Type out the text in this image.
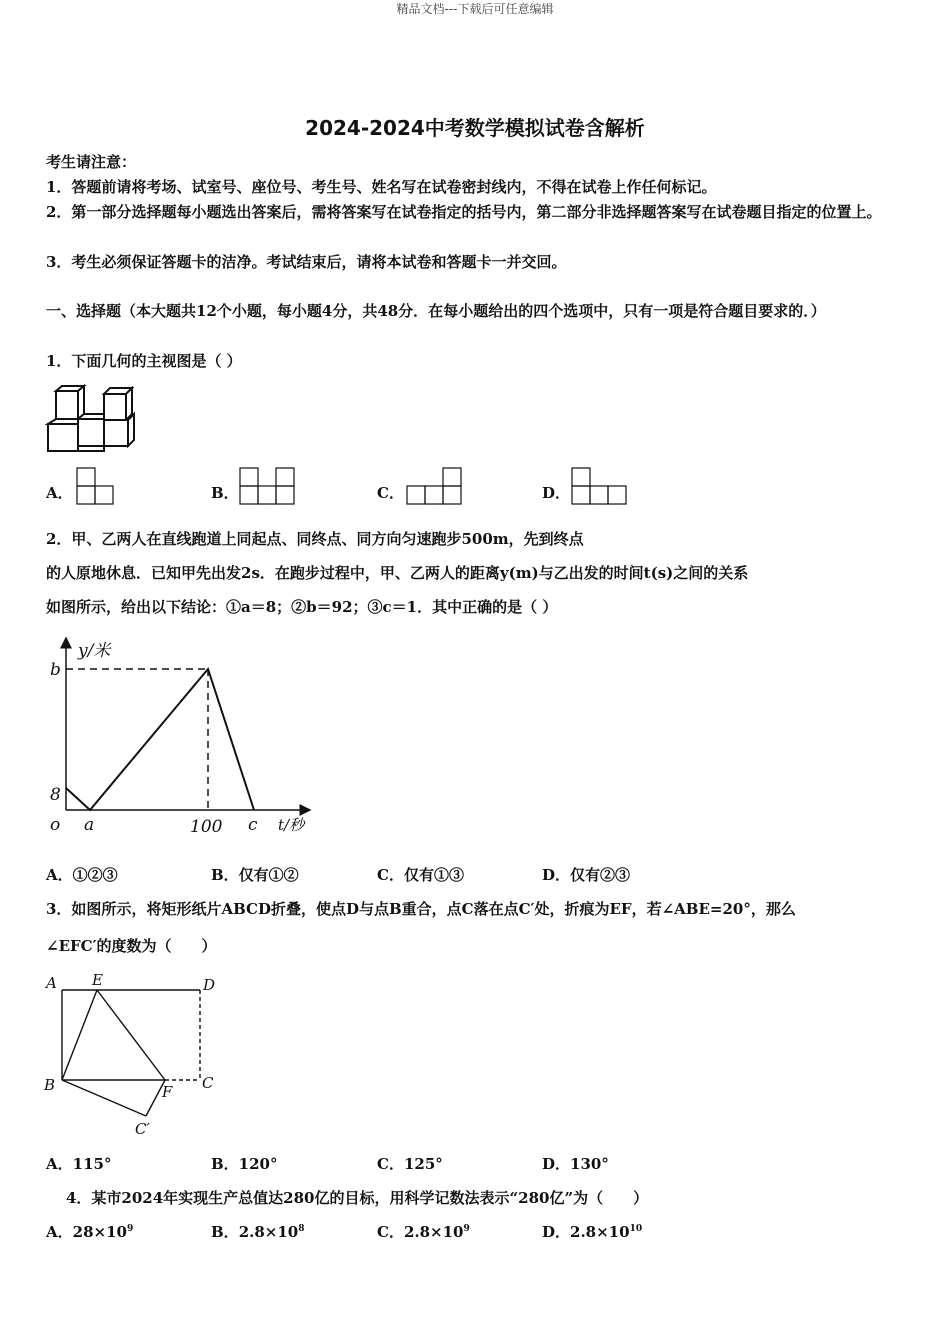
精品文档---下载后可任意编辑
2024-2024中考数学模拟试卷含解析
考生请注意：
1．答题前请将考场、试室号、座位号、考生号、姓名写在试卷密封线内，不得在试卷上作任何标记。
2．第一部分选择题每小题选出答案后，需将答案写在试卷指定的括号内，第二部分非选择题答案写在试卷题目指定的位置上。
3．考生必须保证答题卡的洁净。考试结束后，请将本试卷和答题卡一并交回。
一、选择题（本大题共12个小题，每小题4分，共48分．在每小题给出的四个选项中，只有一项是符合题目要求的．）
1．下面几何的主视图是（ ）
A．	B．	C．	D．
2．甲、乙两人在直线跑道上同起点、同终点、同方向匀速跑步500m，先到终点
的人原地休息．已知甲先出发2s．在跑步过程中，甲、乙两人的距离y(m)与乙出发的时间t(s)之间的关系
如图所示，给出以下结论：①a＝8；②b＝92；③c＝1．其中正确的是（ ）
y/米
b
8
o a	100 c t/秒
A．①②③	B．仅有①②	C．仅有①③	D．仅有②③
3．如图所示，将矩形纸片ABCD折叠，使点D与点B重合，点C落在点C′处，折痕为EF，若∠ABE=20°，那么
∠EFC′的度数为（　　）
A E	D
B	F C
C′
A．115°	B．120°	C．125°	D．130°
4．某市2024年实现生产总值达280亿的目标，用科学记数法表示“280亿”为（　　）
A．$28\times 10^9$	B．$2.8\times 10^8$	C．$2.8\times 10^9$	D．$2.8\times 10^{10}$
